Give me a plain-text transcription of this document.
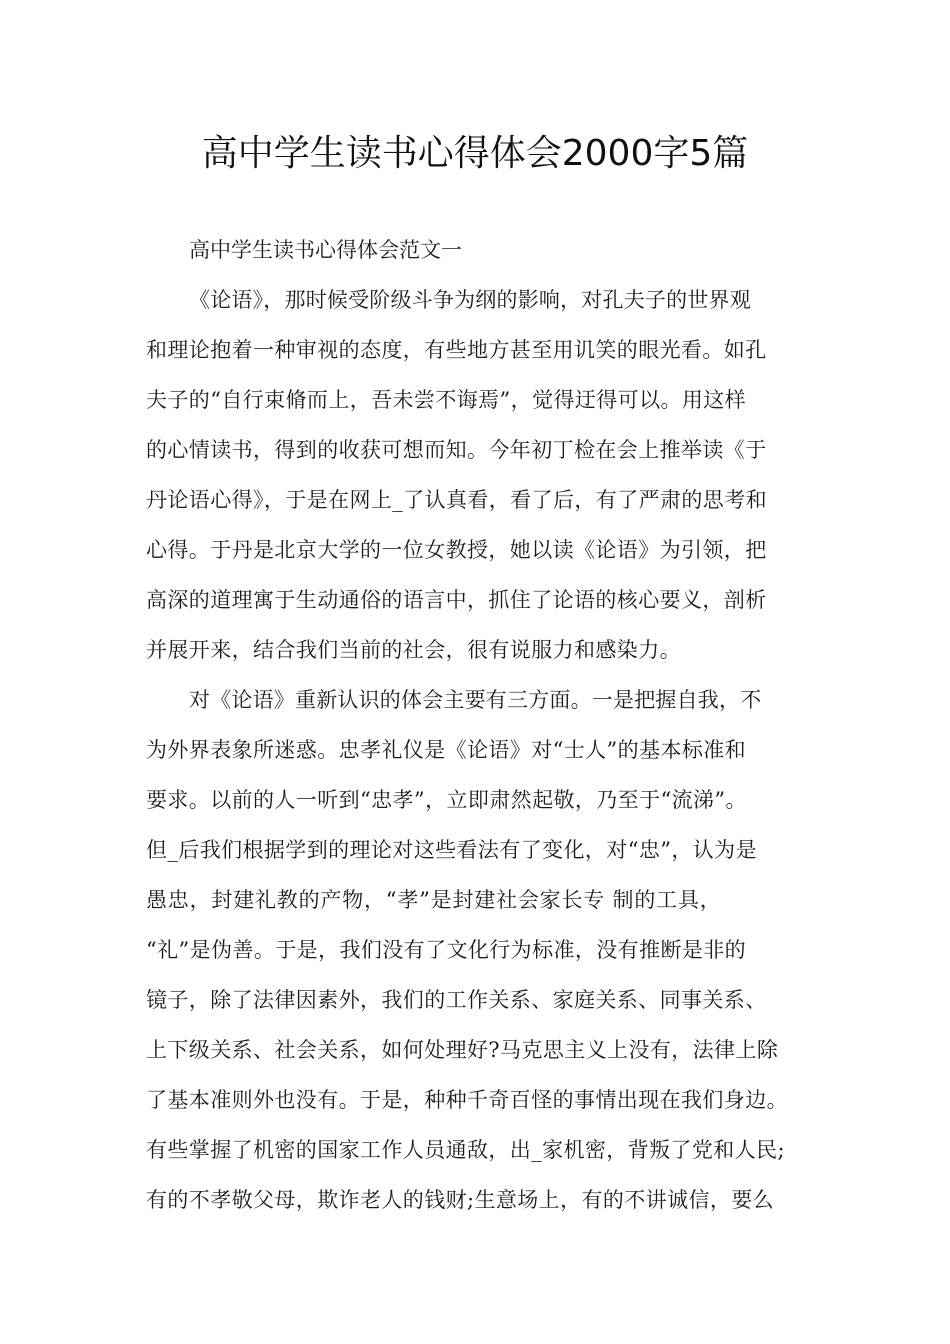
高中学生读书心得体会2000字5篇
高中学生读书心得体会范文一
《论语》，那时候受阶级斗争为纲的影响，对孔夫子的世界观
和理论抱着一种审视的态度，有些地方甚至用讥笑的眼光看。如孔
夫子的“自行束脩而上，吾未尝不诲焉”，觉得迂得可以。用这样
的心情读书，得到的收获可想而知。今年初丁检在会上推举读《于
丹论语心得》，于是在网上_了认真看，看了后，有了严肃的思考和
心得。于丹是北京大学的一位女教授，她以读《论语》为引领，把
高深的道理寓于生动通俗的语言中，抓住了论语的核心要义，剖析
并展开来，结合我们当前的社会，很有说服力和感染力。
对《论语》重新认识的体会主要有三方面。一是把握自我，不
为外界表象所迷惑。忠孝礼仪是《论语》对“士人”的基本标准和
要求。以前的人一听到“忠孝”，立即肃然起敬，乃至于“流涕”。
但_后我们根据学到的理论对这些看法有了变化，对“忠”，认为是
愚忠，封建礼教的产物，“孝”是封建社会家长专 制的工具，
“礼”是伪善。于是，我们没有了文化行为标准，没有推断是非的
镜子，除了法律因素外，我们的工作关系、家庭关系、同事关系、
上下级关系、社会关系，如何处理好?马克思主义上没有，法律上除
了基本准则外也没有。于是，种种千奇百怪的事情出现在我们身边。
有些掌握了机密的国家工作人员通敌，出_家机密，背叛了党和人民;
有的不孝敬父母，欺诈老人的钱财;生意场上，有的不讲诚信，要么
